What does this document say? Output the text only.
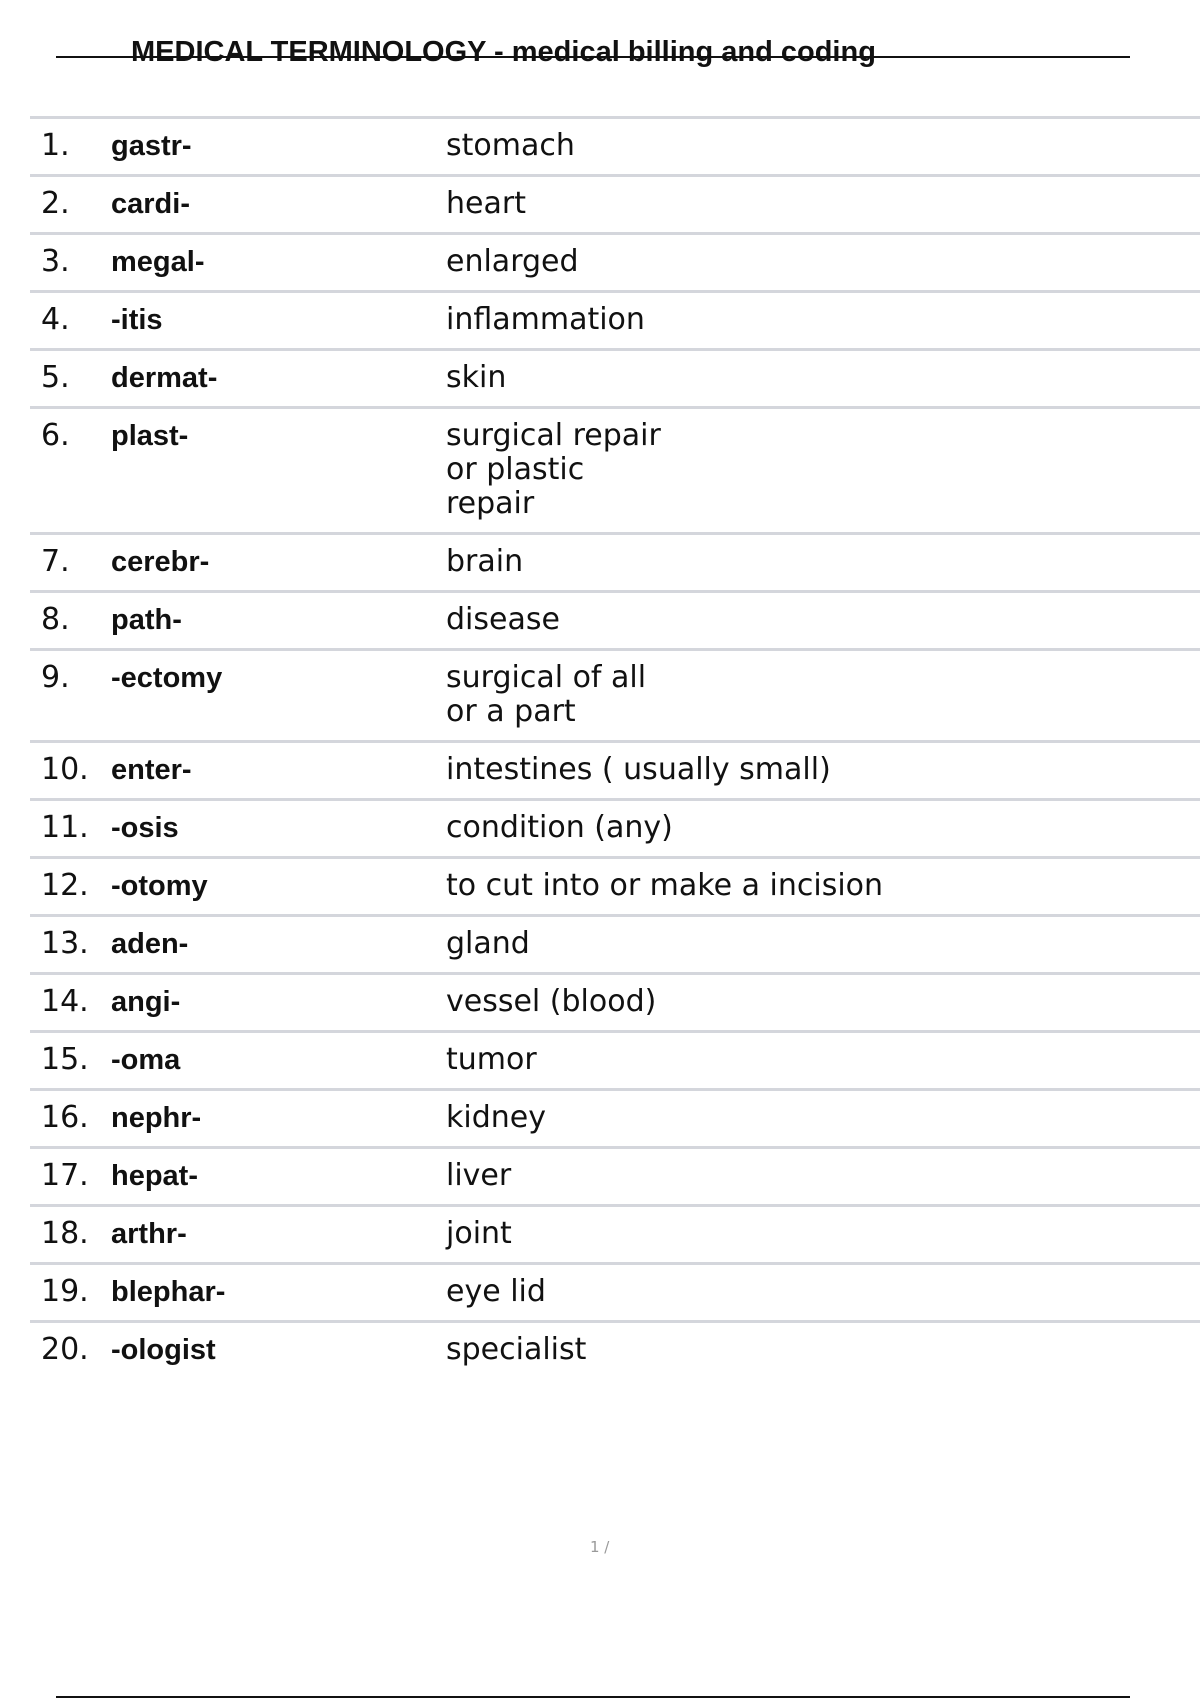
MEDICAL TERMINOLOGY - medical billing and coding
1.	gastr-	stomach
2.	cardi-	heart
3.	megal-	enlarged
4.	-itis	inflammation
5.	dermat-	skin
6.	plast-	surgical repair
or plastic
repair
7.	cerebr-	brain
8.	path-	disease
9.	-ectomy	surgical of all
or a part
10. enter-	intestines ( usually small)
11. -osis	condition (any)
12. -otomy	to cut into or make a incision
13. aden-	gland
14. angi-	vessel (blood)
15. -oma	tumor
16. nephr-	kidney
17. hepat-	liver
18. arthr-	joint
19. blephar-	eye lid
20. -ologist	specialist
1 /
